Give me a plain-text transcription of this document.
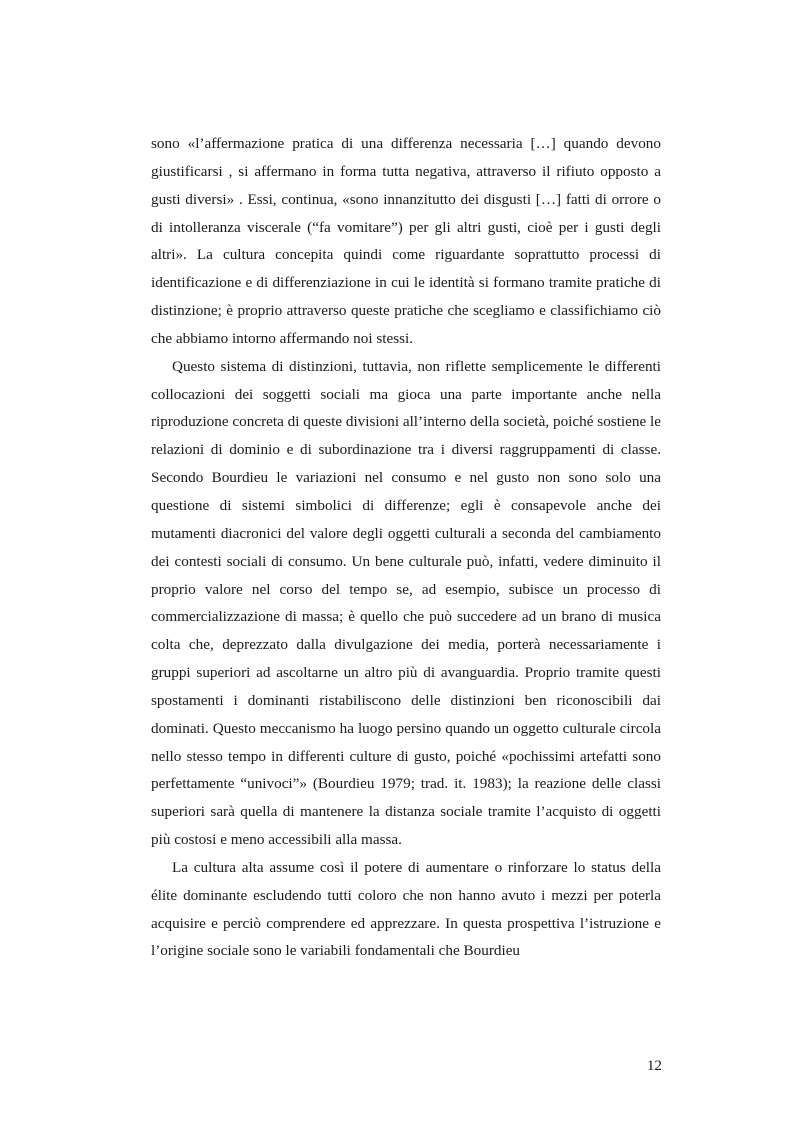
sono «l’affermazione pratica di una differenza necessaria […] quando devono giustificarsi , si affermano in forma tutta negativa, attraverso il rifiuto opposto a gusti diversi» . Essi, continua, «sono innanzitutto dei disgusti […] fatti di orrore o di intolleranza viscerale (“fa vomitare”) per gli altri gusti, cioè per i gusti degli altri». La cultura concepita quindi come riguardante soprattutto processi di identificazione e di differenziazione in cui le identità si formano tramite pratiche di distinzione; è proprio attraverso queste pratiche che scegliamo e classifichiamo ciò che abbiamo intorno affermando noi stessi.

Questo sistema di distinzioni, tuttavia, non riflette semplicemente le differenti collocazioni dei soggetti sociali ma gioca una parte importante anche nella riproduzione concreta di queste divisioni all’interno della società, poiché sostiene le relazioni di dominio e di subordinazione tra i diversi raggruppamenti di classe. Secondo Bourdieu le variazioni nel consumo e nel gusto non sono solo una questione di sistemi simbolici di differenze; egli è consapevole anche dei mutamenti diacronici del valore degli oggetti culturali a seconda del cambiamento dei contesti sociali di consumo. Un bene culturale può, infatti, vedere diminuito il proprio valore nel corso del tempo se, ad esempio, subisce un processo di commercializzazione di massa; è quello che può succedere ad un brano di musica colta che, deprezzato dalla divulgazione dei media, porterà necessariamente i gruppi superiori ad ascoltarne un altro più di avanguardia. Proprio tramite questi spostamenti i dominanti ristabiliscono delle distinzioni ben riconoscibili dai dominati. Questo meccanismo ha luogo persino quando un oggetto culturale circola nello stesso tempo in differenti culture di gusto, poiché «pochissimi artefatti sono perfettamente “univoci”» (Bourdieu 1979; trad. it. 1983); la reazione delle classi superiori sarà quella di mantenere la distanza sociale tramite l’acquisto di oggetti più costosi e meno accessibili alla massa.

La cultura alta assume così il potere di aumentare o rinforzare lo status della élite dominante escludendo tutti coloro che non hanno avuto i mezzi per poterla acquisire e perciò comprendere ed apprezzare. In questa prospettiva l’istruzione e l’origine sociale sono le variabili fondamentali che Bourdieu

12
